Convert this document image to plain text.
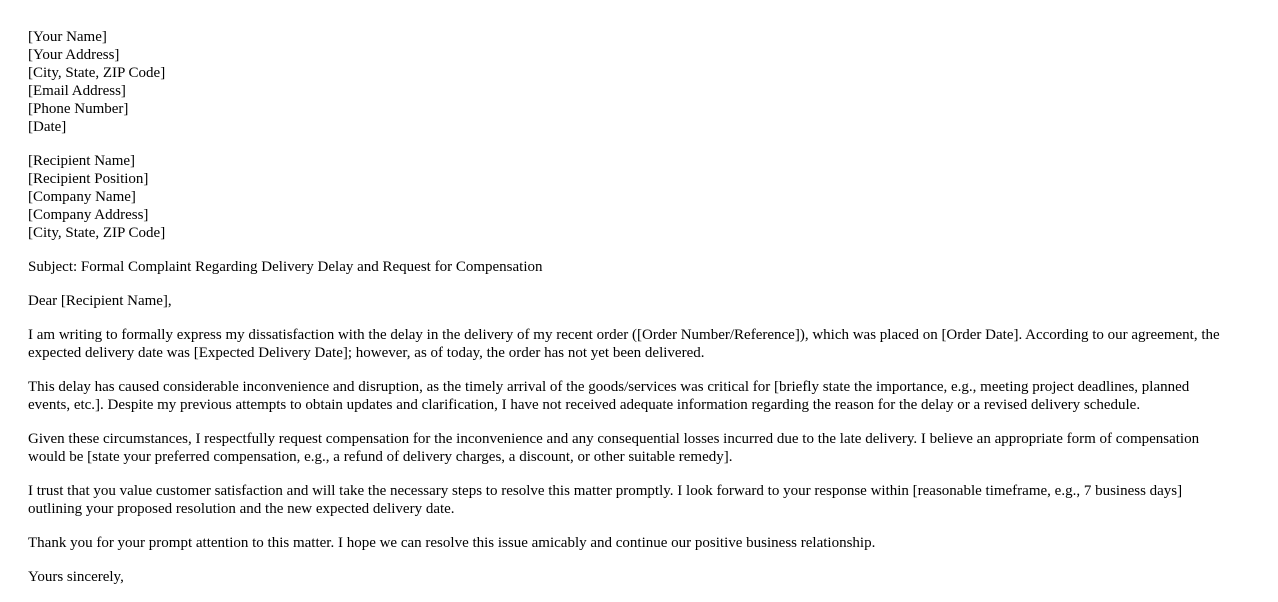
[Your Name]
[Your Address]
[City, State, ZIP Code]
[Email Address]
[Phone Number]
[Date]
[Recipient Name]
[Recipient Position]
[Company Name]
[Company Address]
[City, State, ZIP Code]

Subject: Formal Complaint Regarding Delivery Delay and Request for Compensation

Dear [Recipient Name],

I am writing to formally express my dissatisfaction with the delay in the delivery of my recent order ([Order Number/Reference]), which was placed on [Order Date]. According to our agreement, the expected delivery date was [Expected Delivery Date]; however, as of today, the order has not yet been delivered.

This delay has caused considerable inconvenience and disruption, as the timely arrival of the goods/services was critical for [briefly state the importance, e.g., meeting project deadlines, planned events, etc.]. Despite my previous attempts to obtain updates and clarification, I have not received adequate information regarding the reason for the delay or a revised delivery schedule.

Given these circumstances, I respectfully request compensation for the inconvenience and any consequential losses incurred due to the late delivery. I believe an appropriate form of compensation would be [state your preferred compensation, e.g., a refund of delivery charges, a discount, or other suitable remedy].

I trust that you value customer satisfaction and will take the necessary steps to resolve this matter promptly. I look forward to your response within [reasonable timeframe, e.g., 7 business days] outlining your proposed resolution and the new expected delivery date.

Thank you for your prompt attention to this matter. I hope we can resolve this issue amicably and continue our positive business relationship.

Yours sincerely,
